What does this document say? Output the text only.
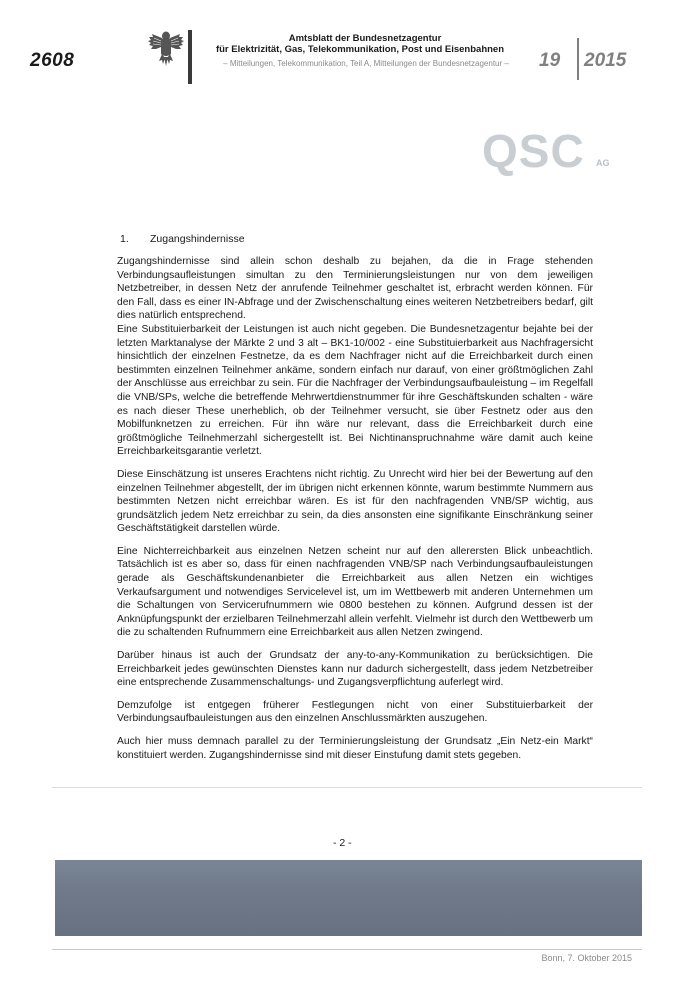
2608
Amtsblatt der Bundesnetzagentur
für Elektrizität, Gas, Telekommunikation, Post und Eisenbahnen
– Mitteilungen, Telekommunikation, Teil A, Mitteilungen der Bundesnetzagentur –	19 2015
QSC AG
1. Zugangshindernisse

Zugangshindernisse sind allein schon deshalb zu bejahen, da die in Frage stehenden Verbindungsaufleistungen simultan zu den Terminierungsleistungen nur von dem jeweiligen Netzbetreiber, in dessen Netz der anrufende Teilnehmer geschaltet ist, erbracht werden können. Für den Fall, dass es einer IN-Abfrage und der Zwischenschaltung eines weiteren Netzbetreibers bedarf, gilt dies natürlich entsprechend.

Eine Substituierbarkeit der Leistungen ist auch nicht gegeben. Die Bundesnetzagentur bejahte bei der letzten Marktanalyse der Märkte 2 und 3 alt – BK1-10/002 - eine Substituierbarkeit aus Nachfragersicht hinsichtlich der einzelnen Festnetze, da es dem Nachfrager nicht auf die Erreichbarkeit durch einen bestimmten einzelnen Teilnehmer ankäme, sondern einfach nur darauf, von einer größtmöglichen Zahl der Anschlüsse aus erreichbar zu sein. Für die Nachfrager der Verbindungsaufbauleistung – im Regelfall die VNB/SPs, welche die betreffende Mehrwertdienstnummer für ihre Geschäftskunden schalten - wäre es nach dieser These unerheblich, ob der Teilnehmer versucht, sie über Festnetz oder aus den Mobilfunknetzen zu erreichen. Für ihn wäre nur relevant, dass die Erreichbarkeit durch eine größtmögliche Teilnehmerzahl sichergestellt ist. Bei Nichtinanspruchnahme wäre damit auch keine Erreichbarkeitsgarantie verletzt.

Diese Einschätzung ist unseres Erachtens nicht richtig. Zu Unrecht wird hier bei der Bewertung auf den einzelnen Teilnehmer abgestellt, der im übrigen nicht erkennen könnte, warum bestimmte Nummern aus bestimmten Netzen nicht erreichbar wären. Es ist für den nachfragenden VNB/SP wichtig, aus grundsätzlich jedem Netz erreichbar zu sein, da dies ansonsten eine signifikante Einschränkung seiner Geschäftstätigkeit darstellen würde.

Eine Nichterreichbarkeit aus einzelnen Netzen scheint nur auf den allerersten Blick unbeachtlich. Tatsächlich ist es aber so, dass für einen nachfragenden VNB/SP nach Verbindungsaufbauleistungen gerade als Geschäftskundenanbieter die Erreichbarkeit aus allen Netzen ein wichtiges Verkaufsargument und notwendiges Servicelevel ist, um im Wettbewerb mit anderen Unternehmen um die Schaltungen von Servicerufnummern wie 0800 bestehen zu können. Aufgrund dessen ist der Anknüpfungspunkt der erzielbaren Teilnehmerzahl allein verfehlt. Vielmehr ist durch den Wettbewerb um die zu schaltenden Rufnummern eine Erreichbarkeit aus allen Netzen zwingend.

Darüber hinaus ist auch der Grundsatz der any-to-any-Kommunikation zu berücksichtigen. Die Erreichbarkeit jedes gewünschten Dienstes kann nur dadurch sichergestellt, dass jedem Netzbetreiber eine entsprechende Zusammenschaltungs- und Zugangsverpflichtung auferlegt wird.

Demzufolge ist entgegen früherer Festlegungen nicht von einer Substituierbarkeit der Verbindungsaufbauleistungen aus den einzelnen Anschlussmärkten auszugehen.

Auch hier muss demnach parallel zu der Terminierungsleistung der Grundsatz „Ein Netz-ein Markt“ konstituiert werden. Zugangshindernisse sind mit dieser Einstufung damit stets gegeben.

- 2 -
Bonn, 7. Oktober 2015
